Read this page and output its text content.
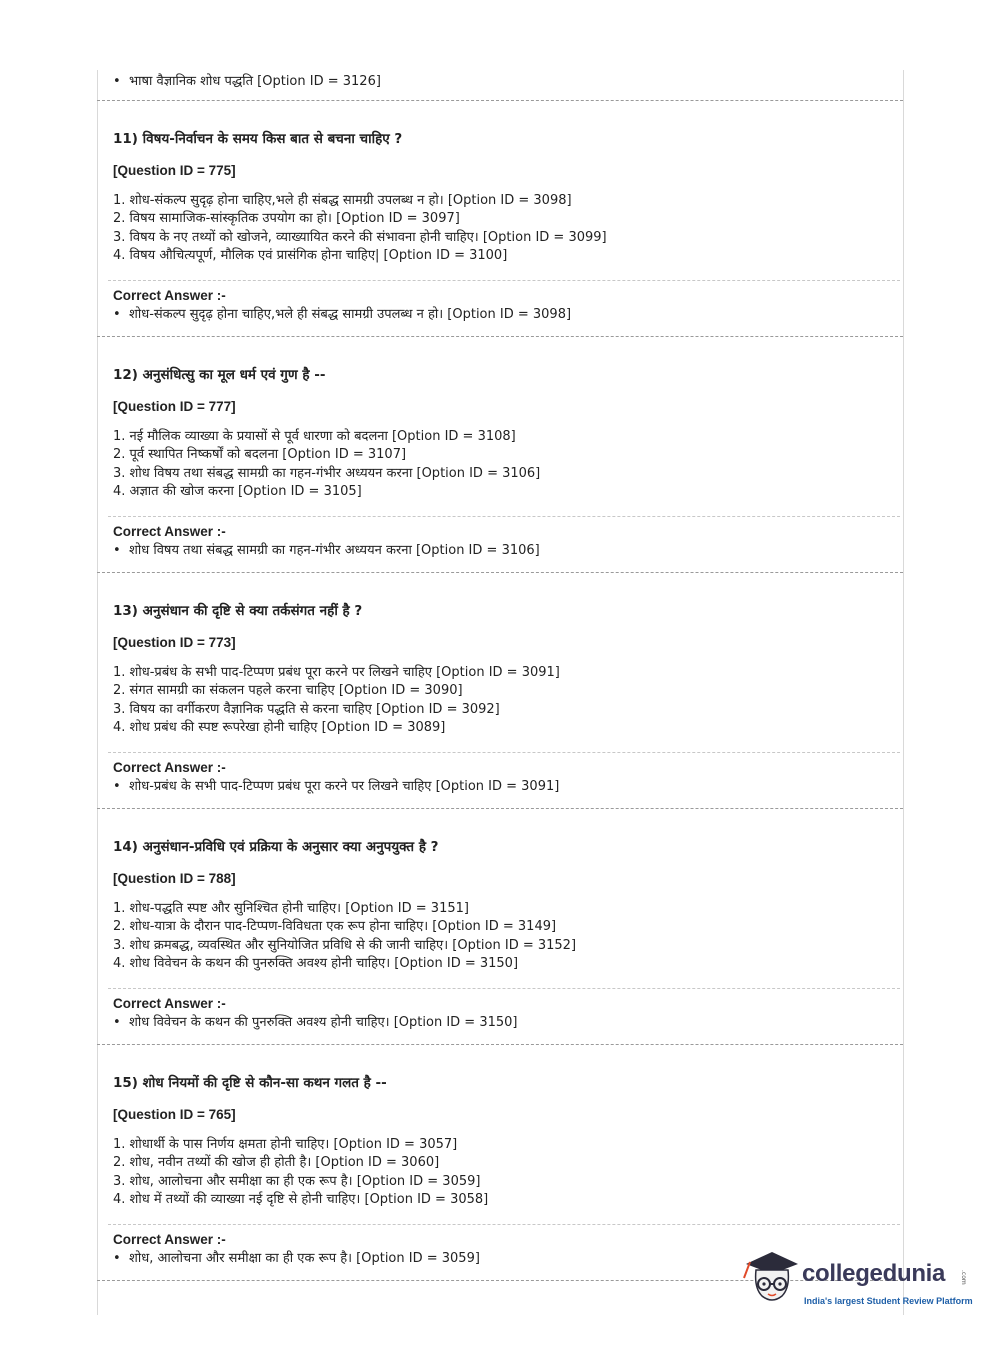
• भाषा वैज्ञानिक शोध पद्धति [Option ID = 3126]
11) विषय-निर्वाचन के समय किस बात से बचना चाहिए ?
[Question ID = 775]
1. शोध-संकल्प सुदृढ़ होना चाहिए,भले ही संबद्ध सामग्री उपलब्ध न हो। [Option ID = 3098]
2. विषय सामाजिक-सांस्कृतिक उपयोग का हो। [Option ID = 3097]
3. विषय के नए तथ्यों को खोजने, व्याख्यायित करने की संभावना होनी चाहिए। [Option ID = 3099]
4. विषय औचित्यपूर्ण, मौलिक एवं प्रासंगिक होना चाहिए| [Option ID = 3100]
Correct Answer :-
• शोध-संकल्प सुदृढ़ होना चाहिए,भले ही संबद्ध सामग्री उपलब्ध न हो। [Option ID = 3098]
12) अनुसंधित्सु का मूल धर्म एवं गुण है --
[Question ID = 777]
1. नई मौलिक व्याख्या के प्रयासों से पूर्व धारणा को बदलना [Option ID = 3108]
2. पूर्व स्थापित निष्कर्षों को बदलना [Option ID = 3107]
3. शोध विषय तथा संबद्ध सामग्री का गहन-गंभीर अध्ययन करना [Option ID = 3106]
4. अज्ञात की खोज करना [Option ID = 3105]
Correct Answer :-
• शोध विषय तथा संबद्ध सामग्री का गहन-गंभीर अध्ययन करना [Option ID = 3106]
13) अनुसंधान की दृष्टि से क्या तर्कसंगत नहीं है ?
[Question ID = 773]
1. शोध-प्रबंध के सभी पाद-टिप्पण प्रबंध पूरा करने पर लिखने चाहिए [Option ID = 3091]
2. संगत सामग्री का संकलन पहले करना चाहिए [Option ID = 3090]
3. विषय का वर्गीकरण वैज्ञानिक पद्धति से करना चाहिए [Option ID = 3092]
4. शोध प्रबंध की स्पष्ट रूपरेखा होनी चाहिए [Option ID = 3089]
Correct Answer :-
• शोध-प्रबंध के सभी पाद-टिप्पण प्रबंध पूरा करने पर लिखने चाहिए [Option ID = 3091]
14) अनुसंधान-प्रविधि एवं प्रक्रिया के अनुसार क्या अनुपयुक्त है ?
[Question ID = 788]
1. शोध-पद्धति स्पष्ट और सुनिश्चित होनी चाहिए। [Option ID = 3151]
2. शोध-यात्रा के दौरान पाद-टिप्पण-विविधता एक रूप होना चाहिए। [Option ID = 3149]
3. शोध क्रमबद्ध, व्यवस्थित और सुनियोजित प्रविधि से की जानी चाहिए। [Option ID = 3152]
4. शोध विवेचन के कथन की पुनरुक्ति अवश्य होनी चाहिए। [Option ID = 3150]
Correct Answer :-
• शोध विवेचन के कथन की पुनरुक्ति अवश्य होनी चाहिए। [Option ID = 3150]
15) शोध नियमों की दृष्टि से कौन-सा कथन गलत है --
[Question ID = 765]
1. शोधार्थी के पास निर्णय क्षमता होनी चाहिए। [Option ID = 3057]
2. शोध, नवीन तथ्यों की खोज ही होती है। [Option ID = 3060]
3. शोध, आलोचना और समीक्षा का ही एक रूप है। [Option ID = 3059]
4. शोध में तथ्यों की व्याख्या नई दृष्टि से होनी चाहिए। [Option ID = 3058]
Correct Answer :-
• शोध, आलोचना और समीक्षा का ही एक रूप है। [Option ID = 3059]
collegedunia .com
India's largest Student Review Platform
